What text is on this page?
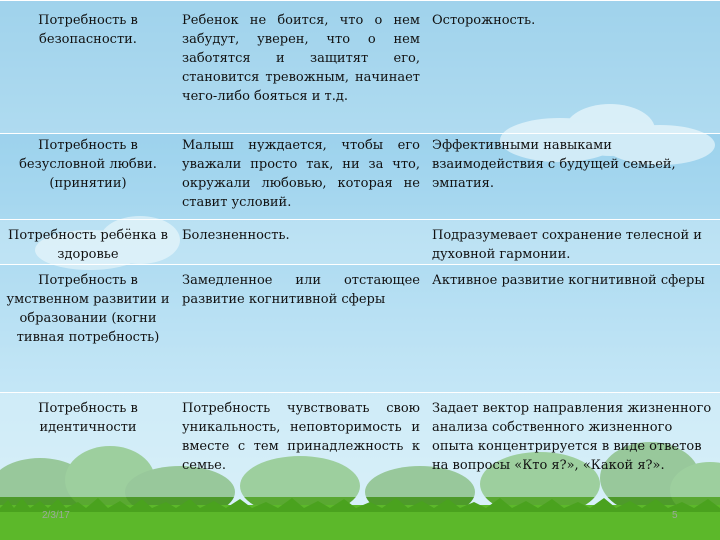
Потребность в безопасности.	Ребенок не боится, что о нем забудут, уверен, что о нем заботятся и защитят его, становится тревожным, начинает чего-либо бояться и т.д.	Осторожность.
Потребность в безусловной любви.(принятии)	Малыш нуждается, чтобы его уважали просто так, ни за что, окружали любовью, которая не ставит условий.	Эффективными навыками взаимодействия с будущей семьей, эмпатия.
Потребность ребёнка в здоровье	Болезненность.	Подразумевает сохранение телесной и духовной гармонии.
Потребность в умственном развитии и образовании (когни тивная потребность)	Замедленное или отстающее развитие когнитивной сферы	Активное развитие когнитивной сферы
Потребность в идентичности	Потребность чувствовать свою уникальность, неповторимость и вместе с тем принадлежность к семье.	Задает вектор направления жизненного анализа собственного жизненного опыта концентрируется в виде ответов на вопросы «Кто я?», «Какой я?».
2/3/17	5
